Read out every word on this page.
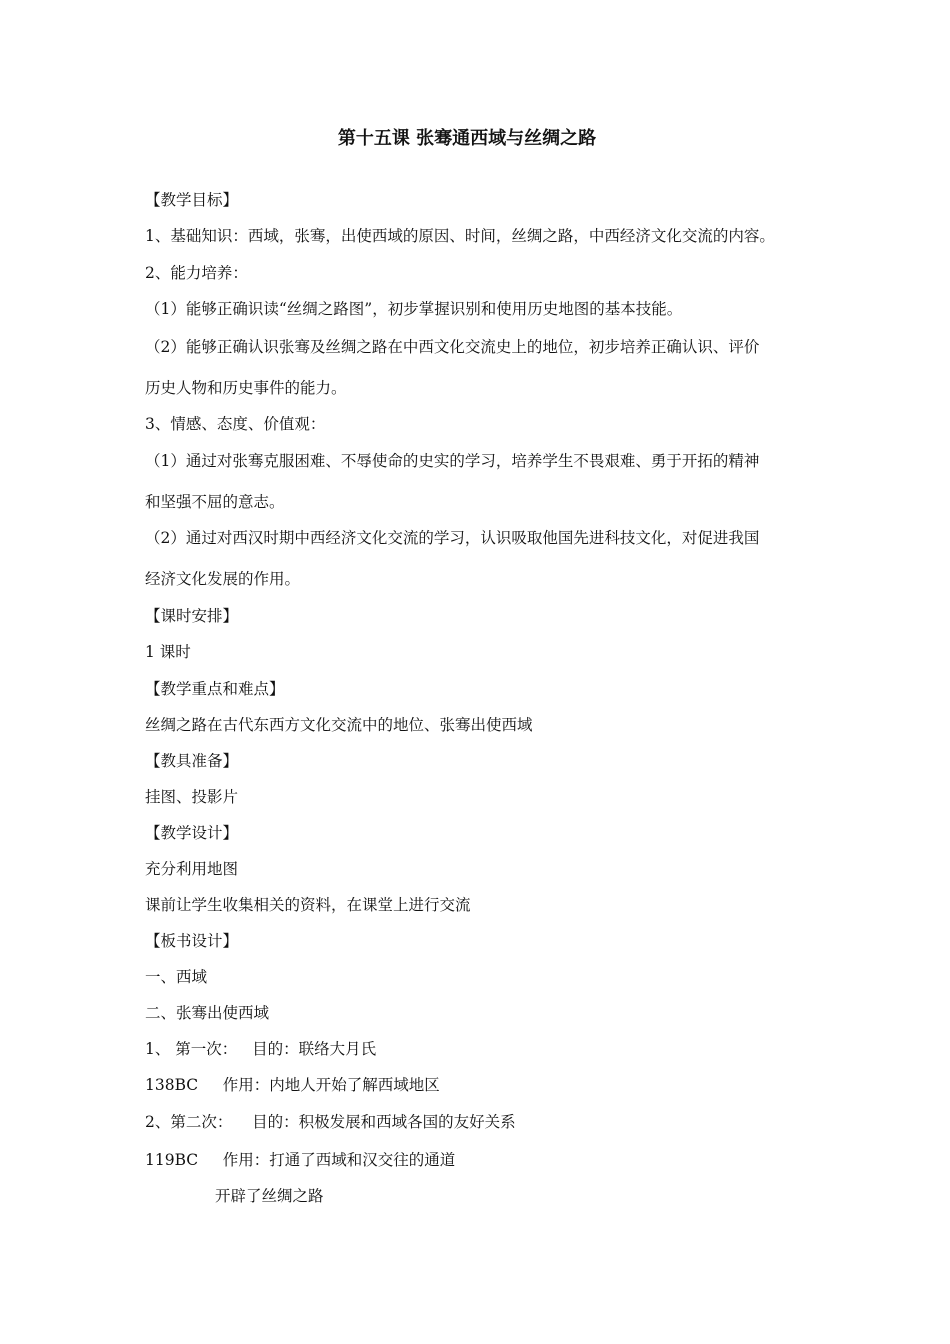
第十五课 张骞通西域与丝绸之路
【教学目标】
1、基础知识：西域，张骞，出使西域的原因、时间，丝绸之路，中西经济文化交流的内容。
2、能力培养：
（1）能够正确识读“丝绸之路图”，初步掌握识别和使用历史地图的基本技能。
（2）能够正确认识张骞及丝绸之路在中西文化交流史上的地位，初步培养正确认识、评价
历史人物和历史事件的能力。
3、情感、态度、价值观：
（1）通过对张骞克服困难、不辱使命的史实的学习，培养学生不畏艰难、勇于开拓的精神
和坚强不屈的意志。
（2）通过对西汉时期中西经济文化交流的学习，认识吸取他国先进科技文化，对促进我国
经济文化发展的作用。
【课时安排】
1 课时
【教学重点和难点】
丝绸之路在古代东西方文化交流中的地位、张骞出使西域
【教具准备】
挂图、投影片
【教学设计】
充分利用地图
课前让学生收集相关的资料，在课堂上进行交流
【板书设计】
一、西域
二、张骞出使西域
1、 第一次：   目的：联络大月氏
138BC     作用：内地人开始了解西域地区
2、第二次：    目的：积极发展和西域各国的友好关系
119BC     作用：打通了西域和汉交往的通道
开辟了丝绸之路
